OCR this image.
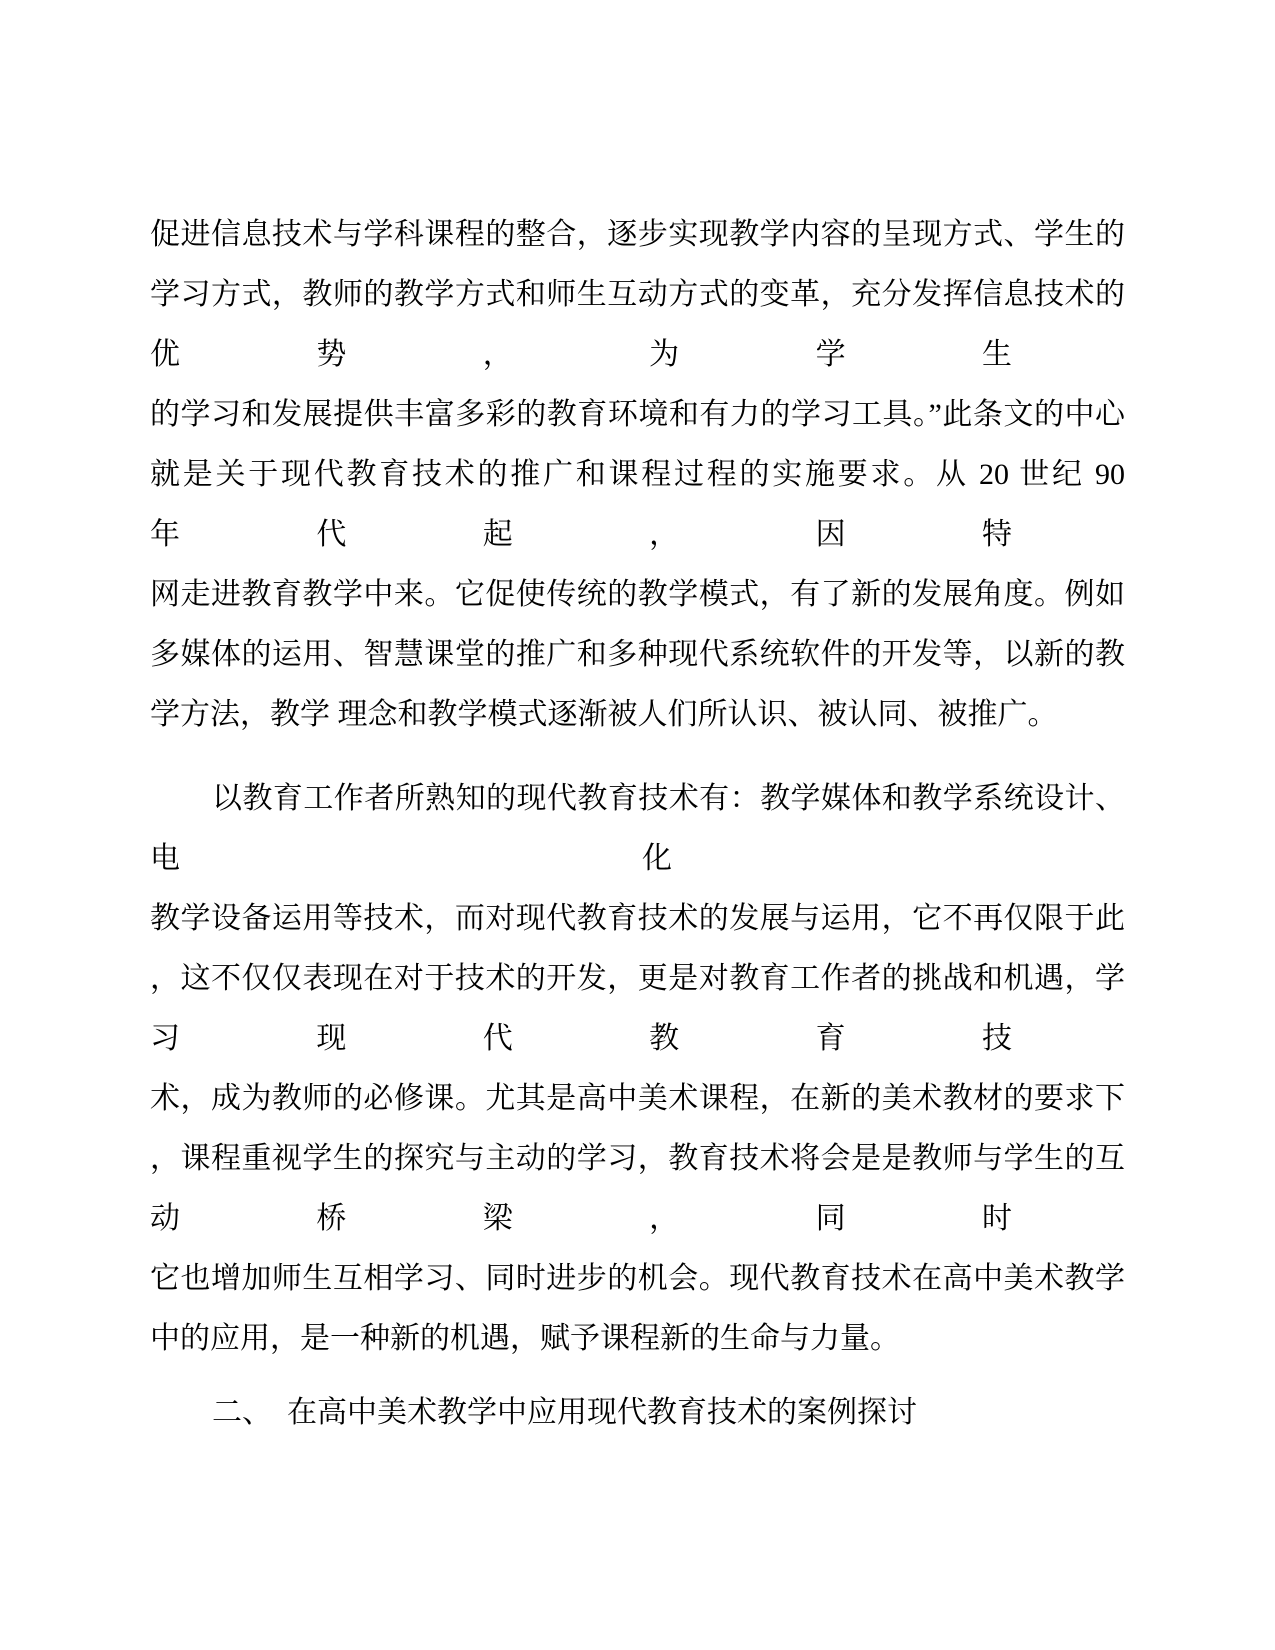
促进信息技术与学科课程的整合，逐步实现教学内容的呈现方式、学生的
学习方式，教师的教学方式和师生互动方式的变革，充分发挥信息技术的
优	势	，	为	学	生
的学习和发展提供丰富多彩的教育环境和有力的学习工具。”此条文的中心
就是关于现代教育技术的推广和课程过程的实施要求。从 20 世纪 90
年	代	起	，	因	特
网走进教育教学中来。它促使传统的教学模式，有了新的发展角度。例如
多媒体的运用、智慧课堂的推广和多种现代系统软件的开发等，以新的教
学方法，教学 理念和教学模式逐渐被人们所认识、被认同、被推广。
以教育工作者所熟知的现代教育技术有：教学媒体和教学系统设计、
电	化
教学设备运用等技术，而对现代教育技术的发展与运用，它不再仅限于此
，这不仅仅表现在对于技术的开发，更是对教育工作者的挑战和机遇，学
习	现	代	教	育	技
术，成为教师的必修课。尤其是高中美术课程，在新的美术教材的要求下
，课程重视学生的探究与主动的学习，教育技术将会是是教师与学生的互
动	桥	梁	，	同	时
它也增加师生互相学习、同时进步的机会。现代教育技术在高中美术教学
中的应用，是一种新的机遇，赋予课程新的生命与力量。
二、　在高中美术教学中应用现代教育技术的案例探讨
